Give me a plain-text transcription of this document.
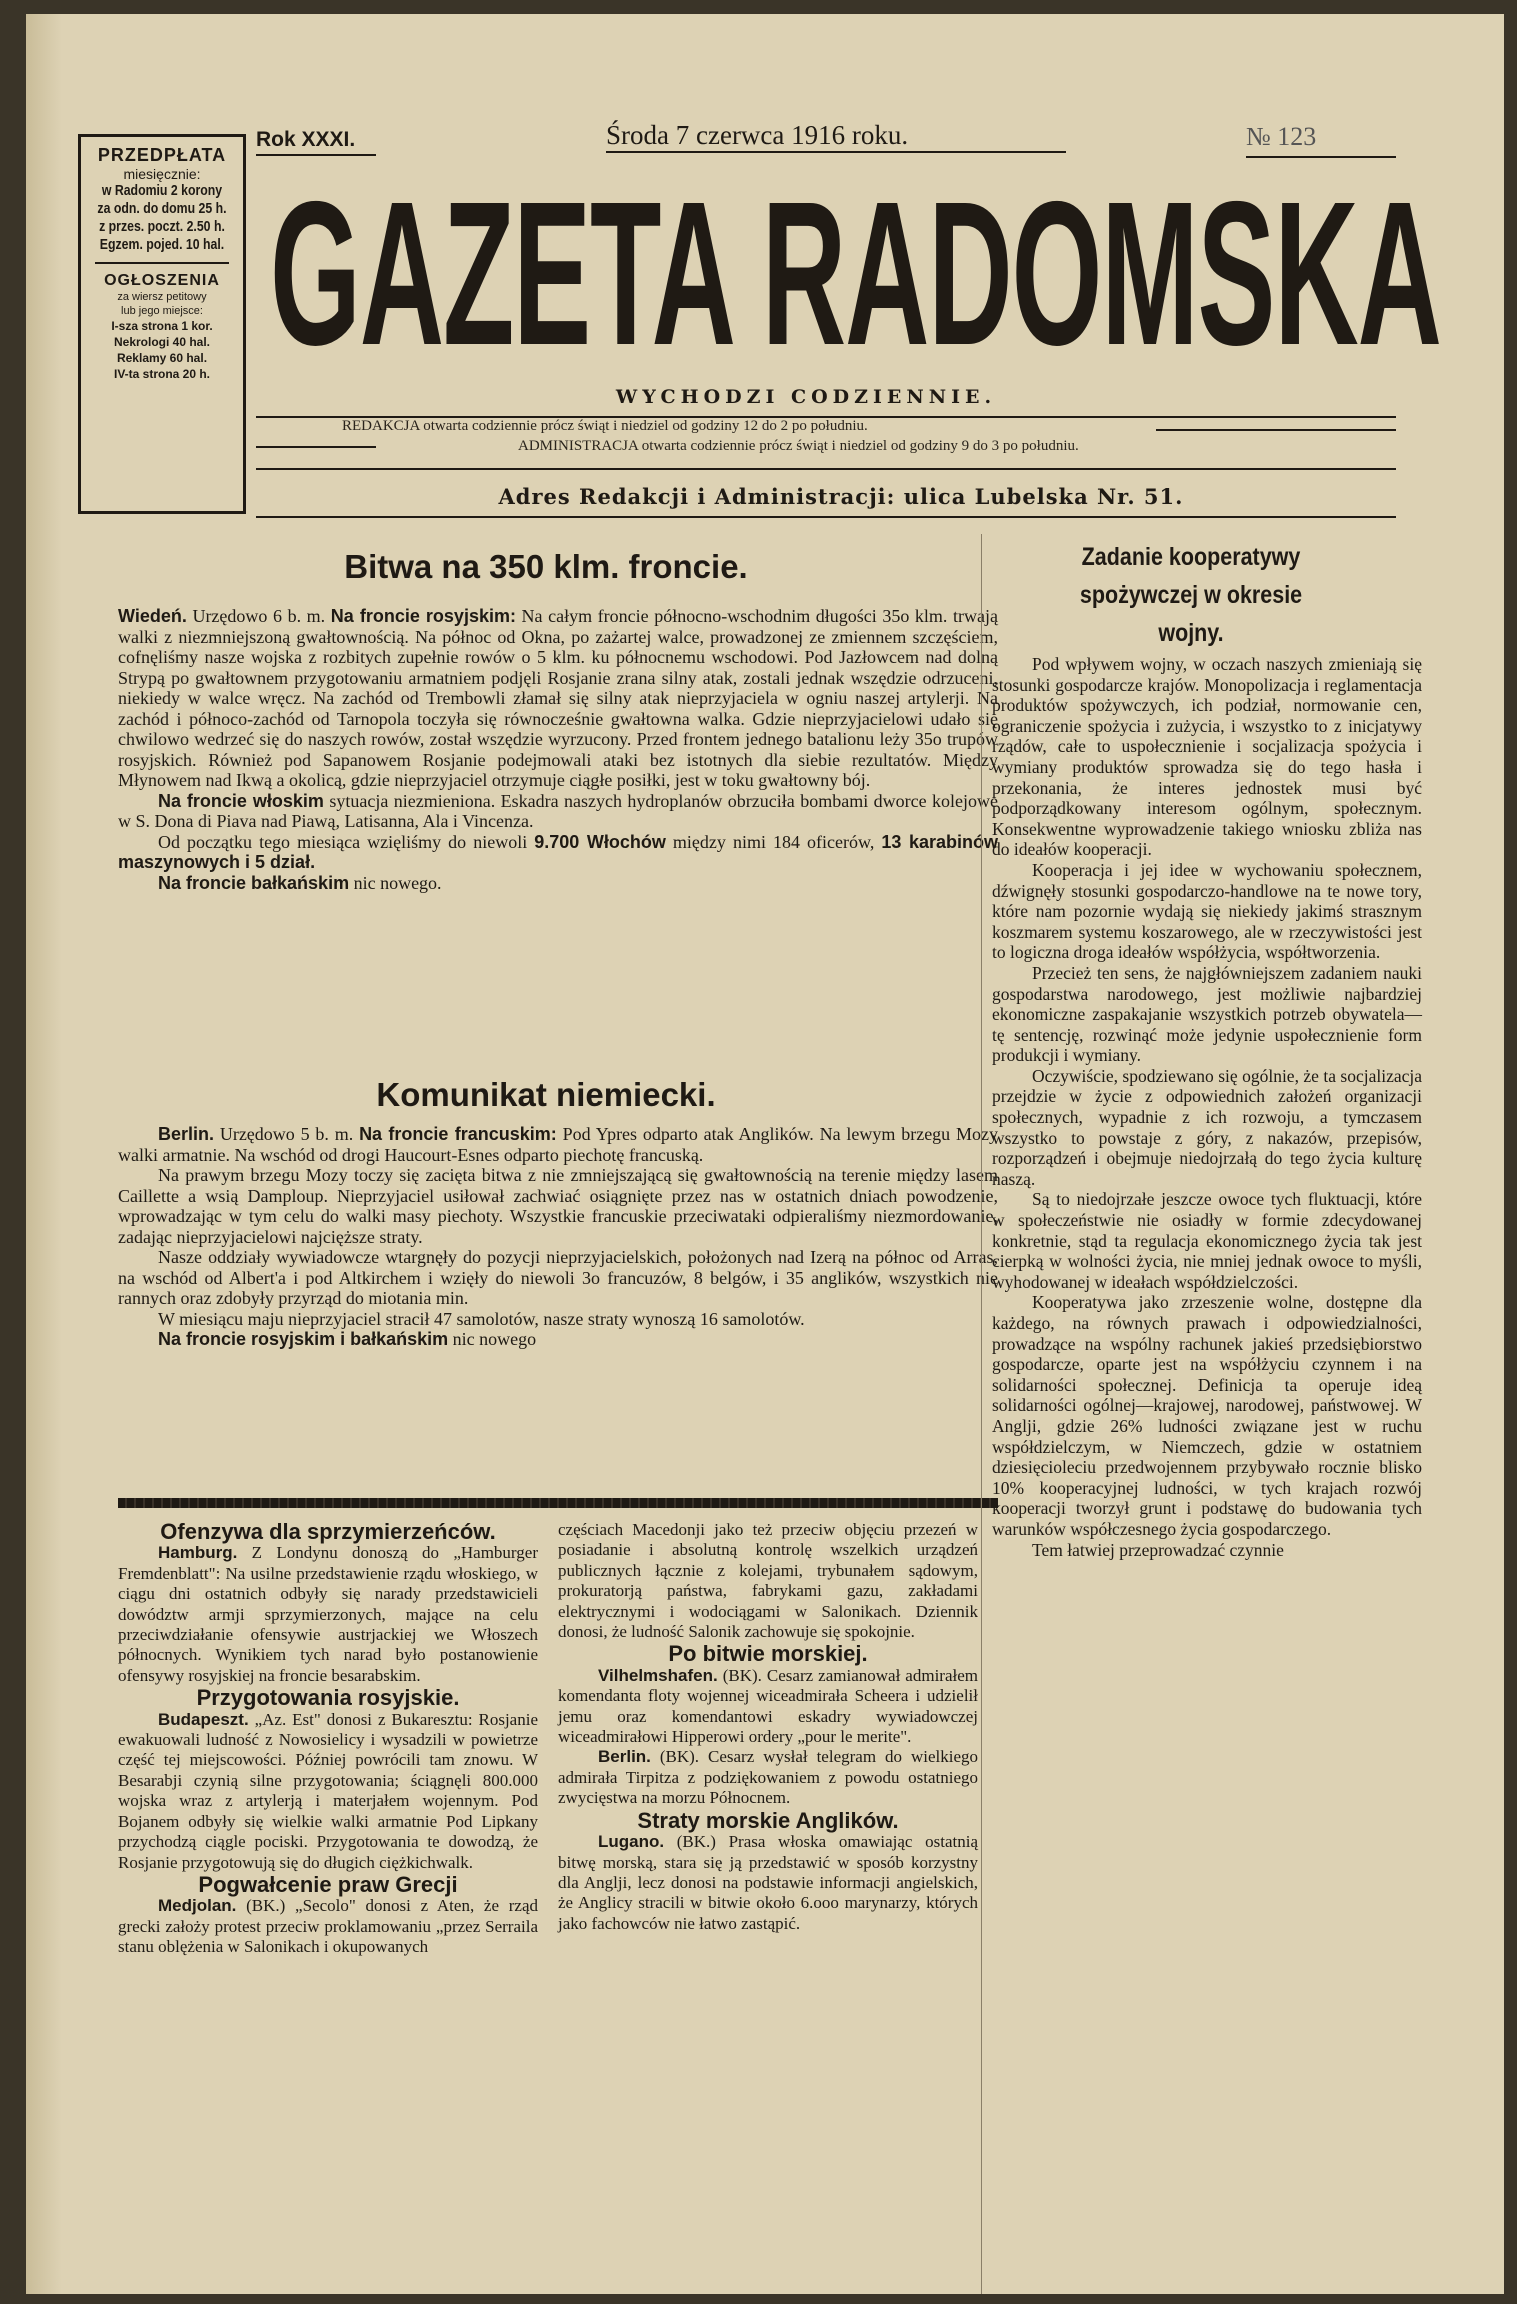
PRZEDPŁATA
miesięcznie:
w Radomiu 2 korony
za odn. do domu 25 h.
z przes. poczt. 2.50 h.
Egzem. pojed. 10 hal.
OGŁOSZENIA
za wiersz petitowy
lub jego miejsce:
I-sza strona 1 kor.
Nekrologi 40 hal.
Reklamy 60 hal.
IV-ta strona 20 h.
Rok XXXI.	Środa 7 czerwca 1916 roku.	№ 123
GAZETA RADOMSKA
WYCHODZI CODZIENNIE.
REDAKCJA otwarta codziennie prócz świąt i niedziel od godziny 12 do 2 po południu.
ADMINISTRACJA otwarta codziennie prócz świąt i niedziel od godziny 9 do 3 po południu.
Adres Redakcji i Administracji: ulica Lubelska Nr. 51.
Bitwa na 350 klm. froncie.

Wiedeń. Urzędowo 6 b. m. Na froncie rosyjskim: Na całym froncie północno-wschodnim długości 35o klm. trwają walki z niezmniejszoną gwałtownością. Na północ od Okna, po zażartej walce, prowadzonej ze zmiennem szczęściem, cofnęliśmy nasze wojska z rozbitych zupełnie rowów o 5 klm. ku północnemu wschodowi. Pod Jazłowcem nad dolną Strypą po gwałtownem przygotowaniu armatniem podjęli Rosjanie zrana silny atak, zostali jednak wszędzie odrzuceni, niekiedy w walce wręcz. Na zachód od Trembowli złamał się silny atak nieprzyjaciela w ogniu naszej artylerji. Na zachód i północo-zachód od Tarnopola toczyła się równocześnie gwałtowna walka. Gdzie nieprzyjacielowi udało się chwilowo wedrzeć się do naszych rowów, został wszędzie wyrzucony. Przed frontem jednego batalionu leży 35o trupów rosyjskich. Również pod Sapanowem Rosjanie podejmowali ataki bez istotnych dla siebie rezultatów. Między Młynowem nad Ikwą a okolicą, gdzie nieprzyjaciel otrzymuje ciągłe posiłki, jest w toku gwałtowny bój.

Na froncie włoskim sytuacja niezmieniona. Eskadra naszych hydroplanów obrzuciła bombami dworce kolejowe w S. Dona di Piava nad Piawą, Latisanna, Ala i Vincenza.

Od początku tego miesiąca wzięliśmy do niewoli 9.700 Włochów między nimi 184 oficerów, 13 karabinów maszynowych i 5 dział.

Na froncie bałkańskim nic nowego.

Komunikat niemiecki.

Berlin. Urzędowo 5 b. m. Na froncie francuskim: Pod Ypres odparto atak Anglików. Na lewym brzegu Mozy walki armatnie. Na wschód od drogi Haucourt-Esnes odparto piechotę francuską.

Na prawym brzegu Mozy toczy się zacięta bitwa z nie zmniejszającą się gwałtownością na terenie między lasem Caillette a wsią Damploup. Nieprzyjaciel usiłował zachwiać osiągnięte przez nas w ostatnich dniach powodzenie, wprowadzając w tym celu do walki masy piechoty. Wszystkie francuskie przeciwataki odpieraliśmy niezmordowanie, zadając nieprzyjacielowi najcięższe straty.

Nasze oddziały wywiadowcze wtargnęły do pozycji nieprzyjacielskich, położonych nad Izerą na północ od Arras, na wschód od Albert'a i pod Altkirchem i wzięły do niewoli 3o francuzów, 8 belgów, i 35 anglików, wszystkich nie rannych oraz zdobyły przyrząd do miotania min.

W miesiącu maju nieprzyjaciel stracił 47 samolotów, nasze straty wynoszą 16 samolotów.

Na froncie rosyjskim i bałkańskim nic nowego

Ofenzywa dla sprzymierzeńców.

Hamburg. Z Londynu donoszą do „Hamburger Fremdenblatt": Na usilne przedstawienie rządu włoskiego, w ciągu dni ostatnich odbyły się narady przedstawicieli dowództw armji sprzymierzonych, mające na celu przeciwdziałanie ofensywie austrjackiej we Włoszech północnych. Wynikiem tych narad było postanowienie ofensywy rosyjskiej na froncie besarabskim.

Przygotowania rosyjskie.

Budapeszt. „Az. Est" donosi z Bukaresztu: Rosjanie ewakuowali ludność z Nowosielicy i wysadzili w powietrze część tej miejscowości. Później powrócili tam znowu. W Besarabji czynią silne przygotowania; ściągnęli 800.000 wojska wraz z artylerją i materjałem wojennym. Pod Bojanem odbyły się wielkie walki armatnie Pod Lipkany przychodzą ciągle pociski. Przygotowania te dowodzą, że Rosjanie przygotowują się do długich ciężkichwalk.

Pogwałcenie praw Grecji

Medjolan. (BK.) „Secolo" donosi z Aten, że rząd grecki założy protest przeciw proklamowaniu „przez Serraila stanu oblężenia w Salonikach i okupowanych

częściach Macedonji jako też przeciw objęciu przezeń w posiadanie i absolutną kontrolę wszelkich urządzeń publicznych łącznie z kolejami, trybunałem sądowym, prokuratorją państwa, fabrykami gazu, zakładami elektrycznymi i wodociągami w Salonikach. Dziennik donosi, że ludność Salonik zachowuje się spokojnie.

Po bitwie morskiej.

Vilhelmshafen. (BK). Cesarz zamianował admirałem komendanta floty wojennej wiceadmirała Scheera i udzielił jemu oraz komendantowi eskadry wywiadowczej wiceadmirałowi Hipperowi ordery „pour le merite".

Berlin. (BK). Cesarz wysłał telegram do wielkiego admirała Tirpitza z podziękowaniem z powodu ostatniego zwycięstwa na morzu Północnem.

Straty morskie Anglików.

Lugano. (BK.) Prasa włoska omawiając ostatnią bitwę morską, stara się ją przedstawić w sposób korzystny dla Anglji, lecz donosi na podstawie informacji angielskich, że Anglicy stracili w bitwie około 6.ooo marynarzy, których jako fachowców nie łatwo zastąpić.

Zadanie kooperatywy spożywczej w okresie wojny.

Pod wpływem wojny, w oczach naszych zmieniają się stosunki gospodarcze krajów. Monopolizacja i reglamentacja produktów spożywczych, ich podział, normowanie cen, ograniczenie spożycia i zużycia, i wszystko to z inicjatywy rządów, całe to uspołecznienie i socjalizacja spożycia i wymiany produktów sprowadza się do tego hasła i przekonania, że interes jednostek musi być podporządkowany interesom ogólnym, społecznym. Konsekwentne wyprowadzenie takiego wniosku zbliża nas do ideałów kooperacji.

Kooperacja i jej idee w wychowaniu społecznem, dźwignęły stosunki gospodarczo-handlowe na te nowe tory, które nam pozornie wydają się niekiedy jakimś strasznym koszmarem systemu koszarowego, ale w rzeczywistości jest to logiczna droga ideałów współżycia, współtworzenia.

Przecież ten sens, że najgłówniejszem zadaniem nauki gospodarstwa narodowego, jest możliwie najbardziej ekonomiczne zaspakajanie wszystkich potrzeb obywatela—tę sentencję, rozwinąć może jedynie uspołecznienie form produkcji i wymiany.

Oczywiście, spodziewano się ogólnie, że ta socjalizacja przejdzie w życie z odpowiednich założeń organizacji społecznych, wypadnie z ich rozwoju, a tymczasem wszystko to powstaje z góry, z nakazów, przepisów, rozporządzeń i obejmuje niedojrzałą do tego życia kulturę naszą.

Są to niedojrzałe jeszcze owoce tych fluktuacji, które w społeczeństwie nie osiadły w formie zdecydowanej konkretnie, stąd ta regulacja ekonomicznego życia tak jest cierpką w wolności życia, nie mniej jednak owoce to myśli, wyhodowanej w ideałach współdzielczości.

Kooperatywa jako zrzeszenie wolne, dostępne dla każdego, na równych prawach i odpowiedzialności, prowadzące na wspólny rachunek jakieś przedsiębiorstwo gospodarcze, oparte jest na współżyciu czynnem i na solidarności społecznej. Definicja ta operuje ideą solidarności ogólnej—krajowej, narodowej, państwowej. W Anglji, gdzie 26% ludności związane jest w ruchu współdzielczym, w Niemczech, gdzie w ostatniem dziesięcioleciu przedwojennem przybywało rocznie blisko 10% kooperacyjnej ludności, w tych krajach rozwój kooperacji tworzył grunt i podstawę do budowania tych warunków współczesnego życia gospodarczego.

Tem łatwiej przeprowadzać czynnie
